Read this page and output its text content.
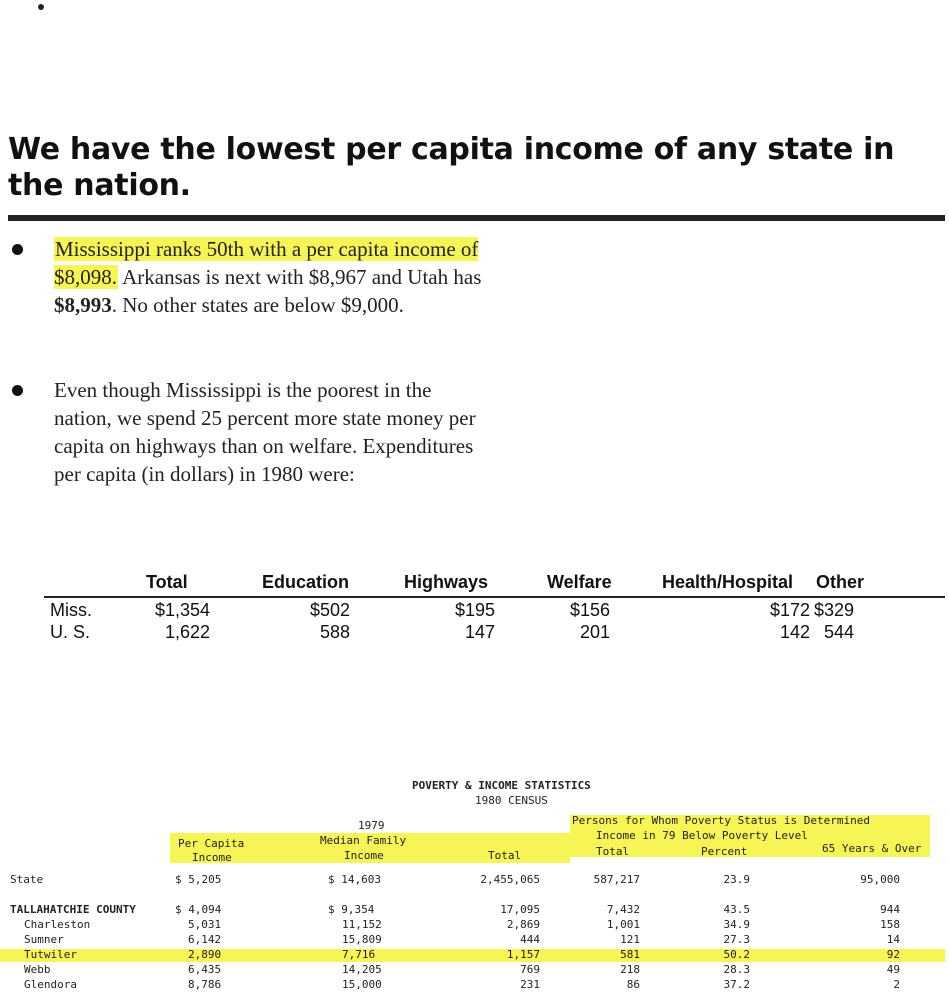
We have the lowest per capita income of any state in the nation.
Mississippi ranks 50th with a per capita income of $8,098. Arkansas is next with $8,967 and Utah has $8,993. No other states are below $9,000.
Even though Mississippi is the poorest in the nation, we spend 25 percent more state money per capita on highways than on welfare. Expenditures per capita (in dollars) in 1980 were:
Total	Education	Highways	Welfare	Health/Hospital Other
Miss.	$1,354	$502	$195	$156	$172 $329
U. S.	1,622	588	147	201	142 544
POVERTY & INCOME STATISTICS
1980 CENSUS
Per Capita
Income
1979
Median Family
Income	Total
Persons for Whom Poverty Status is Determined
Income in 79 Below Poverty Level
Total	Percent	65 Years & Over
State	$ 5,205	$ 14,603	2,455,065	587,217	23.9	95,000
TALLAHATCHIE COUNTY	$ 4,094	$ 9,354	17,095	7,432	43.5	944
Charleston	5,031	11,152	2,869	1,001	34.9	158
Sumner	6,142	15,809	444	121	27.3	14
Tutwiler	2,890	7,716	1,157	581	50.2	92
Webb	6,435	14,205	769	218	28.3	49
Glendora	8,786	15,000	231	86	37.2	2
